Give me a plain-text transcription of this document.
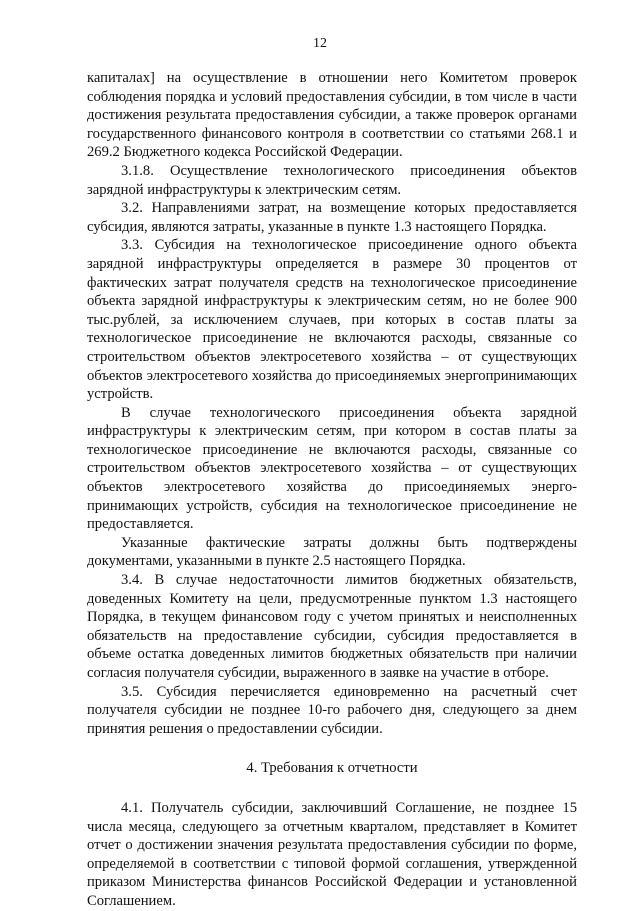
12

капиталах] на осуществление в отношении него Комитетом проверок соблюдения порядка и условий предоставления субсидии, в том числе в части достижения результата предоставления субсидии, а также проверок органами государственного финансового контроля в соответствии со статьями 268.1 и 269.2 Бюджетного кодекса Российской Федерации.

3.1.8. Осуществление технологического присоединения объектов зарядной инфраструктуры к электрическим сетям.

3.2. Направлениями затрат, на возмещение которых предоставляется субсидия, являются затраты, указанные в пункте 1.3 настоящего Порядка.

3.3. Субсидия на технологическое присоединение одного объекта зарядной инфраструктуры определяется в размере 30 процентов от фактических затрат получателя средств на технологическое присоединение объекта зарядной инфраструктуры к электрическим сетям, но не более 900 тыс.рублей, за исключением случаев, при которых в состав платы за технологическое присоединение не включаются расходы, связанные со строительством объектов электросетевого хозяйства – от существующих объектов электросетевого хозяйства до присоединяемых энергопринимающих устройств.

В случае технологического присоединения объекта зарядной инфраструктуры к электрическим сетям, при котором в состав платы за технологическое присоединение не включаются расходы, связанные со строительством объектов электросетевого хозяйства – от существующих объектов электросетевого хозяйства до присоединяемых энерго-принимающих устройств, субсидия на технологическое присоединение не предоставляется.

Указанные фактические затраты должны быть подтверждены документами, указанными в пункте 2.5 настоящего Порядка.

3.4. В случае недостаточности лимитов бюджетных обязательств, доведенных Комитету на цели, предусмотренные пунктом 1.3 настоящего Порядка, в текущем финансовом году с учетом принятых и неисполненных обязательств на предоставление субсидии, субсидия предоставляется в объеме остатка доведенных лимитов бюджетных обязательств при наличии согласия получателя субсидии, выраженного в заявке на участие в отборе.

3.5. Субсидия перечисляется единовременно на расчетный счет получателя субсидии не позднее 10-го рабочего дня, следующего за днем принятия решения о предоставлении субсидии.

4. Требования к отчетности

4.1. Получатель субсидии, заключивший Соглашение, не позднее 15 числа месяца, следующего за отчетным кварталом, представляет в Комитет отчет о достижении значения результата предоставления субсидии по форме, определяемой в соответствии с типовой формой соглашения, утвержденной приказом Министерства финансов Российской Федерации и установленной Соглашением.
